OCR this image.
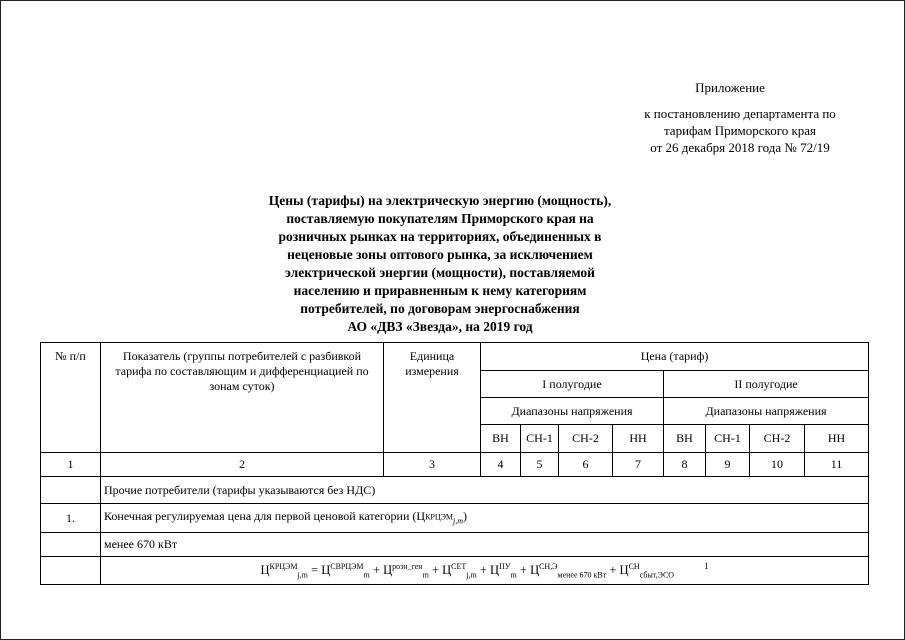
Приложение
к постановлению департамента по
тарифам Приморского края
от 26 декабря 2018 года № 72/19
Цены (тарифы) на электрическую энергию (мощность),
поставляемую покупателям Приморского края на
розничных рынках на территориях, объединенных в
неценовые зоны оптового рынка, за исключением
электрической энергии (мощности), поставляемой
населению и приравненным к нему категориям
потребителей, по договорам энергоснабжения
АО «ДВЗ «Звезда», на 2019 год
№ п/п	Показатель (группы потребителей с разбивкой тарифа по составляющим и дифференциацией по зонам суток)	Единица измерения	Цена (тариф)							
			I полугодие				II полугодие			
			Диапазоны напряжения				Диапазоны напряжения			
			ВН	СН-1	СН-2	НН	ВН	СН-1	СН-2	НН
1	2	3	4	5	6	7	8	9	10	11
	Прочие потребители (тарифы указываются без НДС)									
1.	Конечная регулируемая цена для первой ценовой категории $(Ц_{^{КРЦЭМ}j,m})$									
	менее 670 кВт									
	$Ц^{КРЦЭМ}_{j,m} = Ц^{СВРЦЭМ}_m + Ц^{розн\_ген}_m + Ц^{СЕТ}_{j,m} + Ц^{ПУ}_m + Ц^{СН,Э}_{менее 670 кВт} + Ц^{СН}_{сбыт,ЭСО}^1$
